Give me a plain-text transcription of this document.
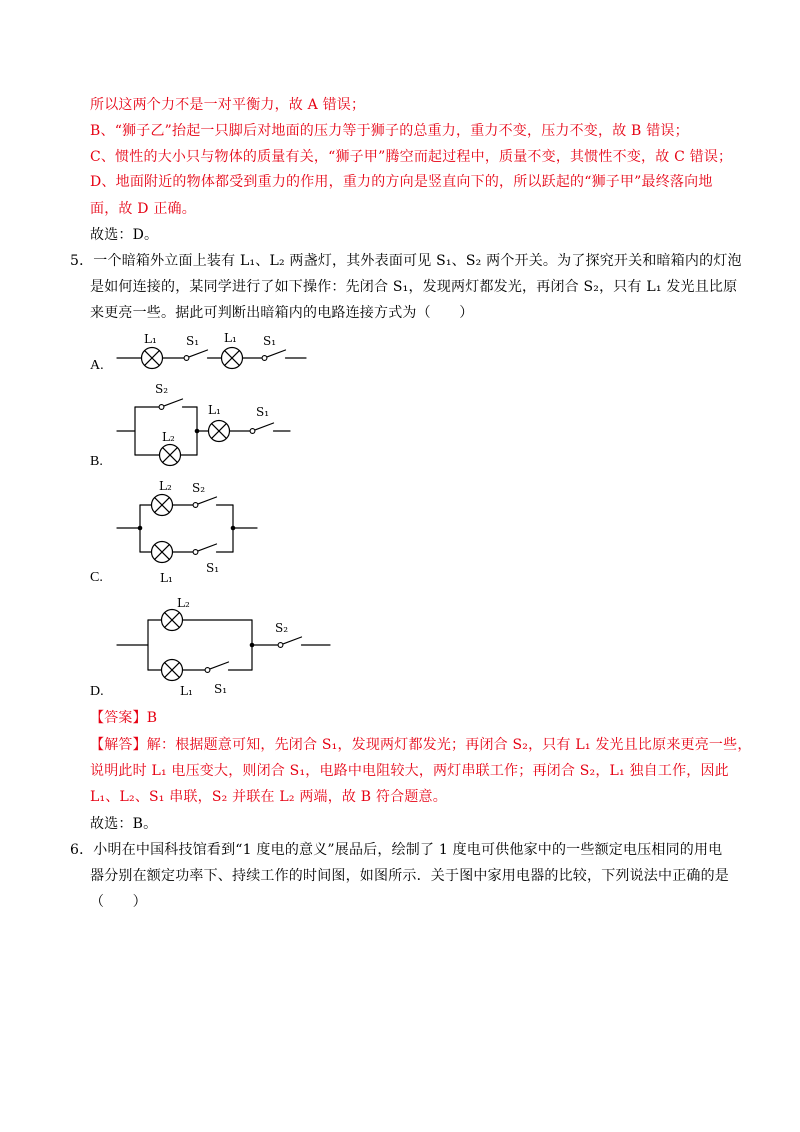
所以这两个力不是一对平衡力，故 A 错误；
B、“狮子乙”抬起一只脚后对地面的压力等于狮子的总重力，重力不变，压力不变，故 B 错误；
C、惯性的大小只与物体的质量有关，“狮子甲”腾空而起过程中，质量不变，其惯性不变，故 C 错误；
D、地面附近的物体都受到重力的作用，重力的方向是竖直向下的，所以跃起的“狮子甲”最终落向地
面，故 D 正确。
故选：D。
5．一个暗箱外立面上装有 L₁、L₂ 两盏灯，其外表面可见 S₁、S₂ 两个开关。为了探究开关和暗箱内的灯泡
是如何连接的，某同学进行了如下操作：先闭合 S₁，发现两灯都发光，再闭合 S₂，只有 L₁ 发光且比原
来更亮一些。据此可判断出暗箱内的电路连接方式为（　　）
A.
B.
C.
D.
L₁ S₁ L₁ S₁
S₂
L₂
L₁	S₁
L₂ S₂
L₁
S₁
L₂
S₂
L₁ S₁
【答案】B
【解答】解：根据题意可知，先闭合 S₁，发现两灯都发光；再闭合 S₂，只有 L₁ 发光且比原来更亮一些，
说明此时 L₁ 电压变大，则闭合 S₁，电路中电阻较大，两灯串联工作；再闭合 S₂，L₁ 独自工作，因此
L₁、L₂、S₁ 串联，S₂ 并联在 L₂ 两端，故 B 符合题意。
故选：B。
6．小明在中国科技馆看到“1 度电的意义”展品后，绘制了 1 度电可供他家中的一些额定电压相同的用电
器分别在额定功率下、持续工作的时间图，如图所示．关于图中家用电器的比较，下列说法中正确的是
（　　）
